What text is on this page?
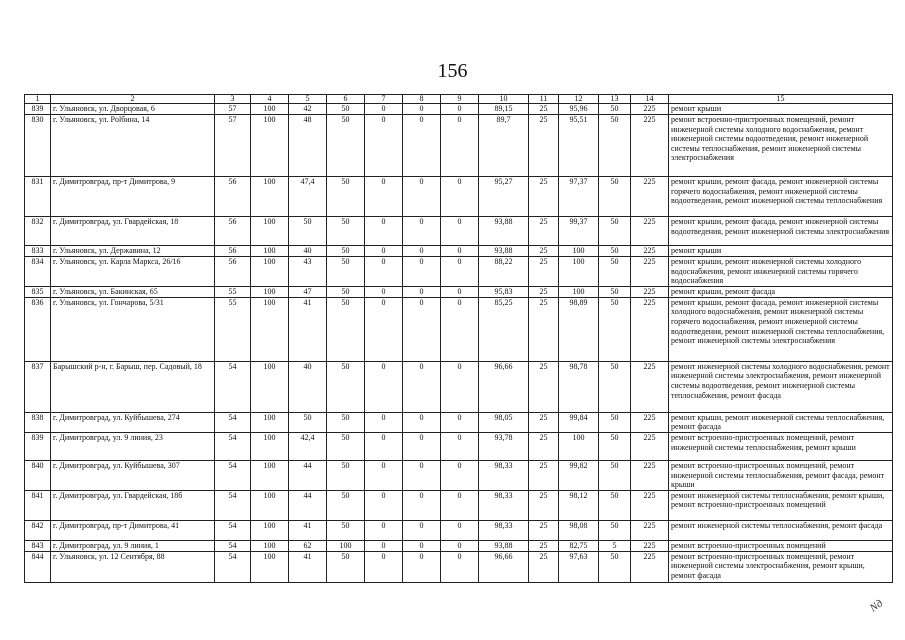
156
1	2	3	4	5	6	7	8	9	10	11	12	13	14	15
839	г. Ульяновск, ул. Дворцовая, 6	57	100	42	50	0	0	0	89,15	25	95,96	50	225	ремонт крыши
830	г. Ульяновск, ул. Polбина, 14	57	100	48	50	0	0	0	89,7	25	95,51	50	225	ремонт встроенно-пристроенных помещений, ремонт инженерной системы холодного водоснабжения, ремонт инженерной системы водоотведения, ремонт инженерной системы теплоснабжения, ремонт инженерной системы электроснабжения
831	г. Димитровград, пр-т Димитрова, 9	56	100	47,4	50	0	0	0	95,27	25	97,37	50	225	ремонт крыши, ремонт фасада, ремонт инженерной системы горячего водоснабжения, ремонт инженерной системы водоотведения, ремонт инженерной системы теплоснабжения
832	г. Димитровград, ул. Гвардейская, 18	56	100	50	50	0	0	0	93,88	25	99,37	50	225	ремонт крыши, ремонт фасада, ремонт инженерной системы водоотведения, ремонт инженерной системы электроснабжения
833	г. Ульяновск, ул. Державина, 12	56	100	40	50	0	0	0	93,88	25	100	50	225	ремонт крыши
834	г. Ульяновск, ул. Карла Маркса, 26/16	56	100	43	50	0	0	0	88,22	25	100	50	225	ремонт крыши, ремонт инженерной системы холодного водоснабжения, ремонт инженерной системы горячего водоснабжения
835	г. Ульяновск, ул. Бакинская, 65	55	100	47	50	0	0	0	95,83	25	100	50	225	ремонт крыши, ремонт фасада
836	г. Ульяновск, ул. Гончарова, 5/31	55	100	41	50	0	0	0	85,25	25	98,89	50	225	ремонт крыши, ремонт фасада, ремонт инженерной системы холодного водоснабжения, ремонт инженерной системы горячего водоснабжения, ремонт инженерной системы водоотведения, ремонт инженерной системы теплоснабжения, ремонт инженерной системы электроснабжения
837	Барышский р-н, г. Барыш, пер. Садовый, 18	54	100	40	50	0	0	0	96,66	25	98,78	50	225	ремонт инженерной системы холодного водоснабжения, ремонт инженерной системы электроснабжения, ремонт инженерной системы водоотведения, ремонт инженерной системы теплоснабжения, ремонт фасада
838	г. Димитровград, ул. Куйбышева, 274	54	100	50	50	0	0	0	98,05	25	99,84	50	225	ремонт крыши, ремонт инженерной системы теплоснабжения, ремонт фасада
839	г. Димитровград, ул. 9 линия, 23	54	100	42,4	50	0	0	0	93,78	25	100	50	225	ремонт встроенно-пристроенных помещений, ремонт инженерной системы теплоснабжения, ремонт крыши
840	г. Димитровград, ул. Куйбышева, 307	54	100	44	50	0	0	0	98,33	25	99,82	50	225	ремонт встроенно-пристроенных помещений, ремонт инженерной системы теплоснабжения, ремонт фасада, ремонт крыши
841	г. Димитровград, ул. Гвардейская, 18б	54	100	44	50	0	0	0	98,33	25	98,12	50	225	ремонт инженерной системы теплоснабжения, ремонт крыши, ремонт встроенно-пристроенных помещений
842	г. Димитровград, пр-т Димитрова, 41	54	100	41	50	0	0	0	98,33	25	98,08	50	225	ремонт инженерной системы теплоснабжения, ремонт фасада
843	г. Димитровград, ул. 9 линия, 1	54	100	62	100	0	0	0	93,88	25	82,75	5	225	ремонт встроенно-пристроенных помещений
844	г. Ульяновск, ул. 12 Сентября, 88	54	100	41	50	0	0	0	96,66	25	97,63	50	225	ремонт встроенно-пристроенных помещений, ремонт инженерной системы электроснабжения, ремонт крыши, ремонт фасада
Nд
